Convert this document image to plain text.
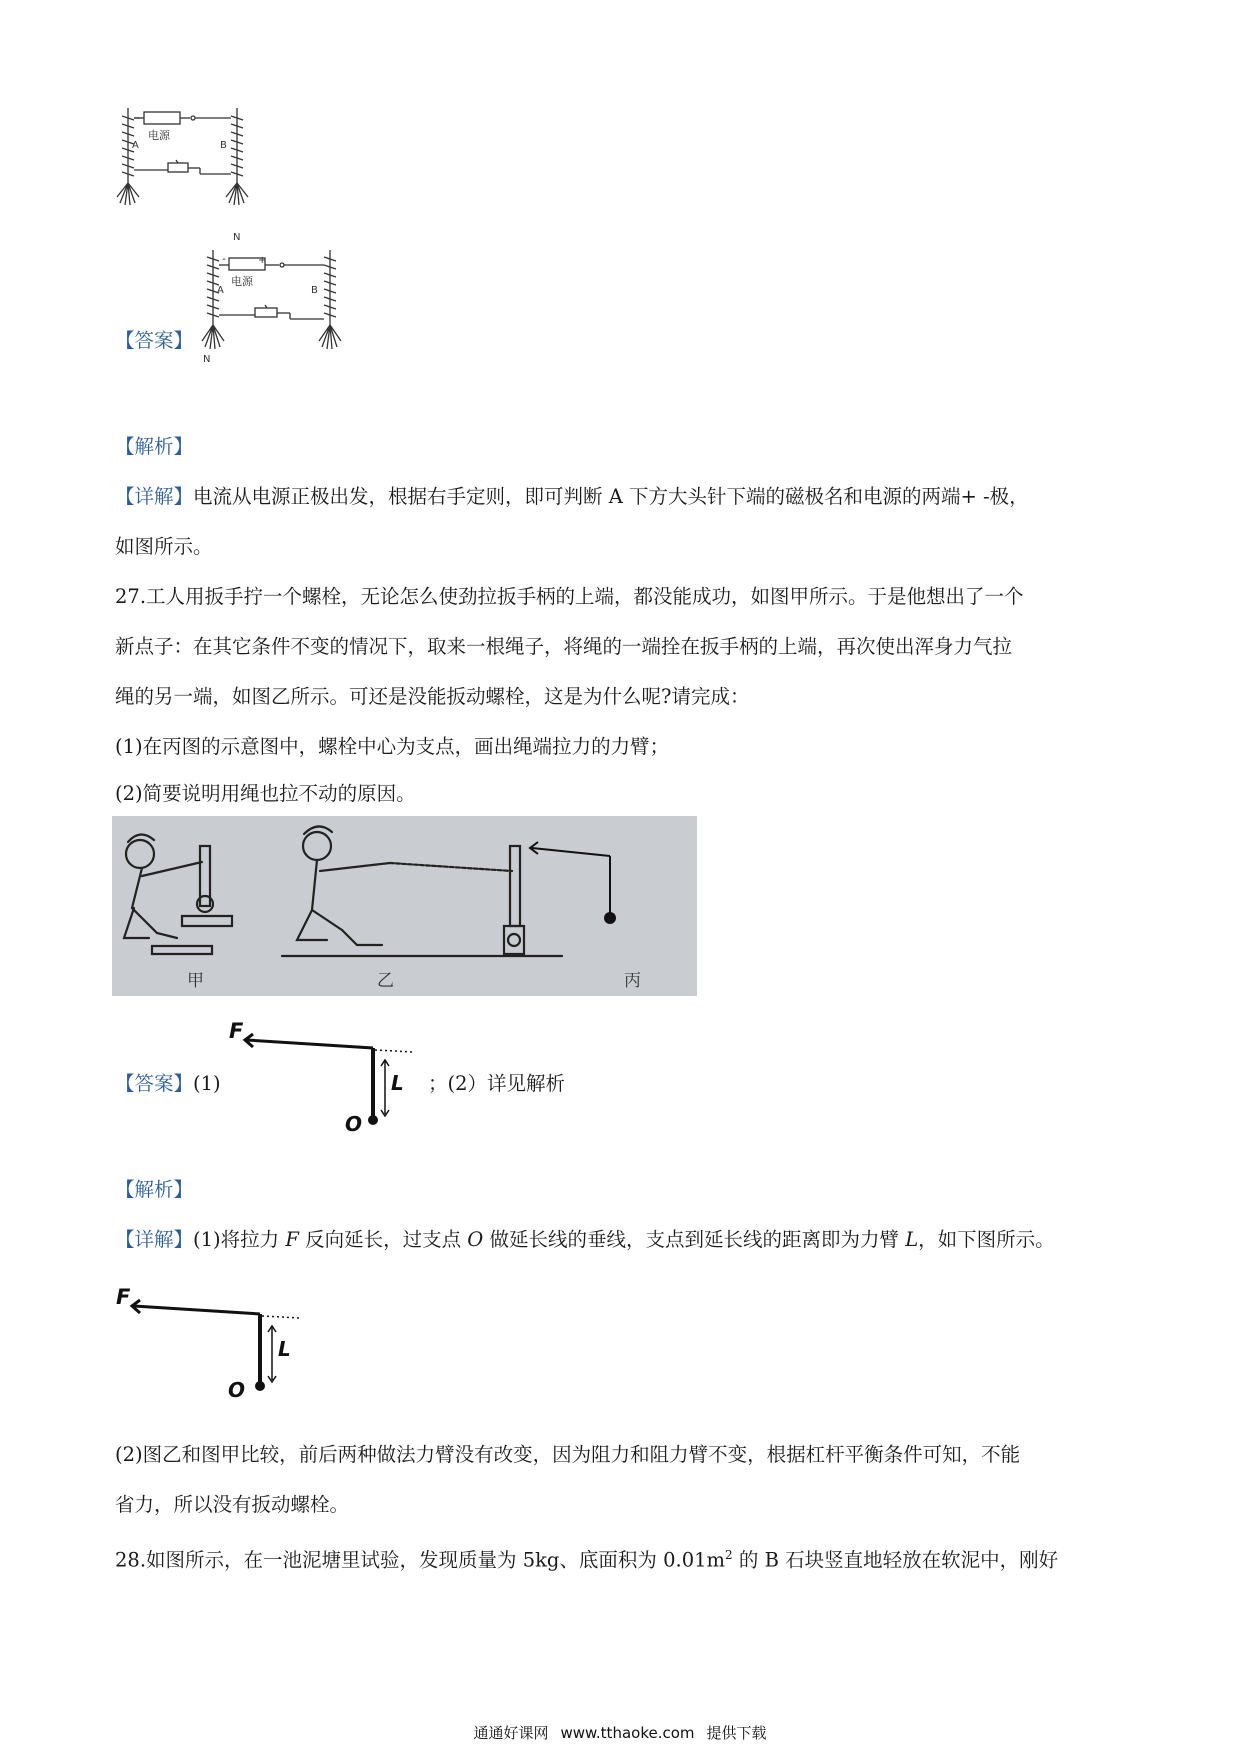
电源
A	B
N
-	+
电源
A	B
N
【答案】
【解析】
【详解】电流从电源正极出发，根据右手定则，即可判断 A 下方大头针下端的磁极名和电源的两端+ -极，
如图所示。
27.工人用扳手拧一个螺栓，无论怎么使劲拉扳手柄的上端，都没能成功，如图甲所示。于是他想出了一个
新点子：在其它条件不变的情况下，取来一根绳子，将绳的一端拴在扳手柄的上端，再次使出浑身力气拉
绳的另一端，如图乙所示。可还是没能扳动螺栓，这是为什么呢?请完成：
(1)在丙图的示意图中，螺栓中心为支点，画出绳端拉力的力臂；
(2)简要说明用绳也拉不动的原因。
甲	乙	丙
【答案】(1)
F
L
O
；(2）详见解析
【解析】
【详解】(1)将拉力 F 反向延长，过支点 O 做延长线的垂线，支点到延长线的距离即为力臂 L，如下图所示。
F
L
O
(2)图乙和图甲比较，前后两种做法力臂没有改变，因为阻力和阻力臂不变，根据杠杆平衡条件可知，不能
省力，所以没有扳动螺栓。
28.如图所示，在一池泥塘里试验，发现质量为 5kg、底面积为 $0.01m^2$ 的 B 石块竖直地轻放在软泥中，刚好
通通好课网 www.tthaoke.com 提供下载
